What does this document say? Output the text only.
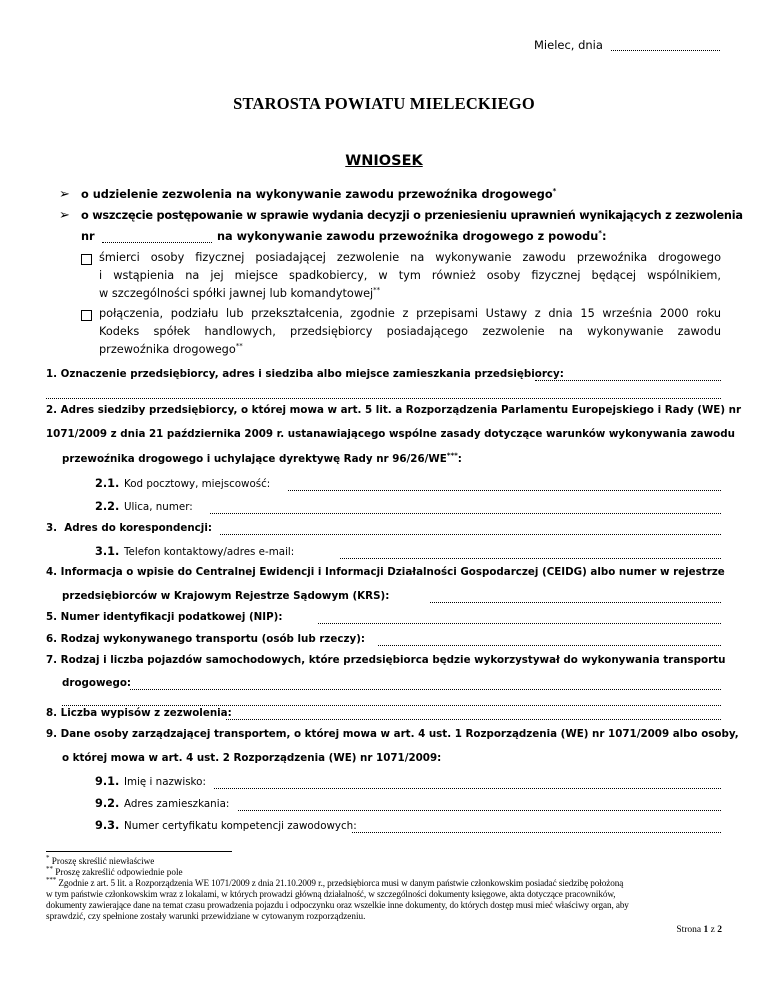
Mielec, dnia
STAROSTA POWIATU MIELECKIEGO
WNIOSEK
➢ o udzielenie zezwolenia na wykonywanie zawodu przewoźnika drogowego*
➢ o wszczęcie postępowanie w sprawie wydania decyzji o przeniesieniu uprawnień wynikających z zezwolenia
nr	na wykonywanie zawodu przewoźnika drogowego z powodu*:
śmierci osoby fizycznej posiadającej zezwolenie na wykonywanie zawodu przewoźnika drogowego
i wstąpienia na jej miejsce spadkobiercy, w tym również osoby fizycznej będącej wspólnikiem,
w szczególności spółki jawnej lub komandytowej**
połączenia, podziału lub przekształcenia, zgodnie z przepisami Ustawy z dnia 15 września 2000 roku
Kodeks spółek handlowych, przedsiębiorcy posiadającego zezwolenie na wykonywanie zawodu
przewoźnika drogowego**
1. Oznaczenie przedsiębiorcy, adres i siedziba albo miejsce zamieszkania przedsiębiorcy:
2. Adres siedziby przedsiębiorcy, o której mowa w art. 5 lit. a Rozporządzenia Parlamentu Europejskiego i Rady (WE) nr
1071/2009 z dnia 21 października 2009 r. ustanawiającego wspólne zasady dotyczące warunków wykonywania zawodu
przewoźnika drogowego i uchylające dyrektywę Rady nr 96/26/WE***:
2.1. Kod pocztowy, miejscowość:
2.2. Ulica, numer:
3.  Adres do korespondencji:
3.1. Telefon kontaktowy/adres e-mail:
4. Informacja o wpisie do Centralnej Ewidencji i Informacji Działalności Gospodarczej (CEIDG) albo numer w rejestrze
przedsiębiorców w Krajowym Rejestrze Sądowym (KRS):
5. Numer identyfikacji podatkowej (NIP):
6. Rodzaj wykonywanego transportu (osób lub rzeczy):
7. Rodzaj i liczba pojazdów samochodowych, które przedsiębiorca będzie wykorzystywał do wykonywania transportu
drogowego:
8. Liczba wypisów z zezwolenia:
9. Dane osoby zarządzającej transportem, o której mowa w art. 4 ust. 1 Rozporządzenia (WE) nr 1071/2009 albo osoby,
o której mowa w art. 4 ust. 2 Rozporządzenia (WE) nr 1071/2009:
9.1. Imię i nazwisko:
9.2. Adres zamieszkania:
9.3. Numer certyfikatu kompetencji zawodowych:
* Proszę skreślić niewłaściwe
** Proszę zakreślić odpowiednie pole
*** Zgodnie z art. 5 lit. a Rozporządzenia WE 1071/2009 z dnia 21.10.2009 r., przedsiębiorca musi w danym państwie członkowskim posiadać siedzibę położoną
w tym państwie członkowskim wraz z lokalami, w których prowadzi główną działalność, w szczególności dokumenty księgowe, akta dotyczące pracowników,
dokumenty zawierające dane na temat czasu prowadzenia pojazdu i odpoczynku oraz wszelkie inne dokumenty, do których dostęp musi mieć właściwy organ, aby
sprawdzić, czy spełnione zostały warunki przewidziane w cytowanym rozporządzeniu.
Strona 1 z 2
